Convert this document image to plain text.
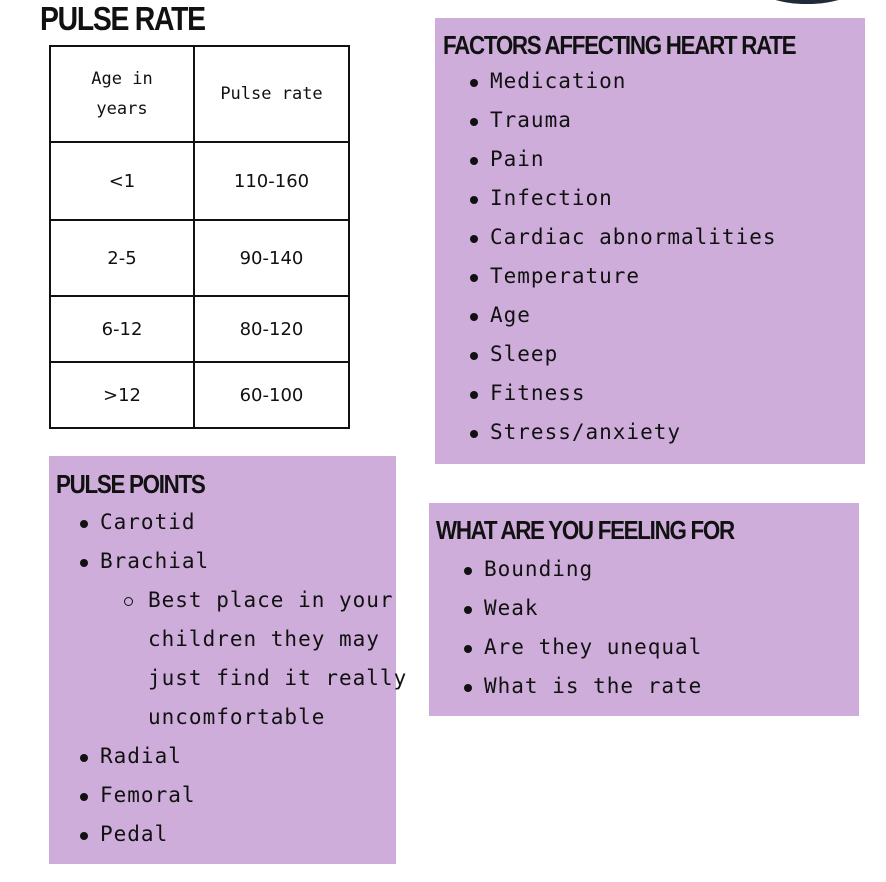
PULSE RATE
Age in
years	Pulse rate
<1	110-160
2-5	90-140
6-12	80-120
>12	60-100
FACTORS AFFECTING HEART RATE
Medication
Trauma
Pain
Infection
Cardiac abnormalities
Temperature
Age
Sleep
Fitness
Stress/anxiety
PULSE POINTS
Carotid
Brachial
Best place in your
children they may
just find it really
uncomfortable
Radial
Femoral
Pedal
WHAT ARE YOU FEELING FOR
Bounding
Weak
Are they unequal
What is the rate
